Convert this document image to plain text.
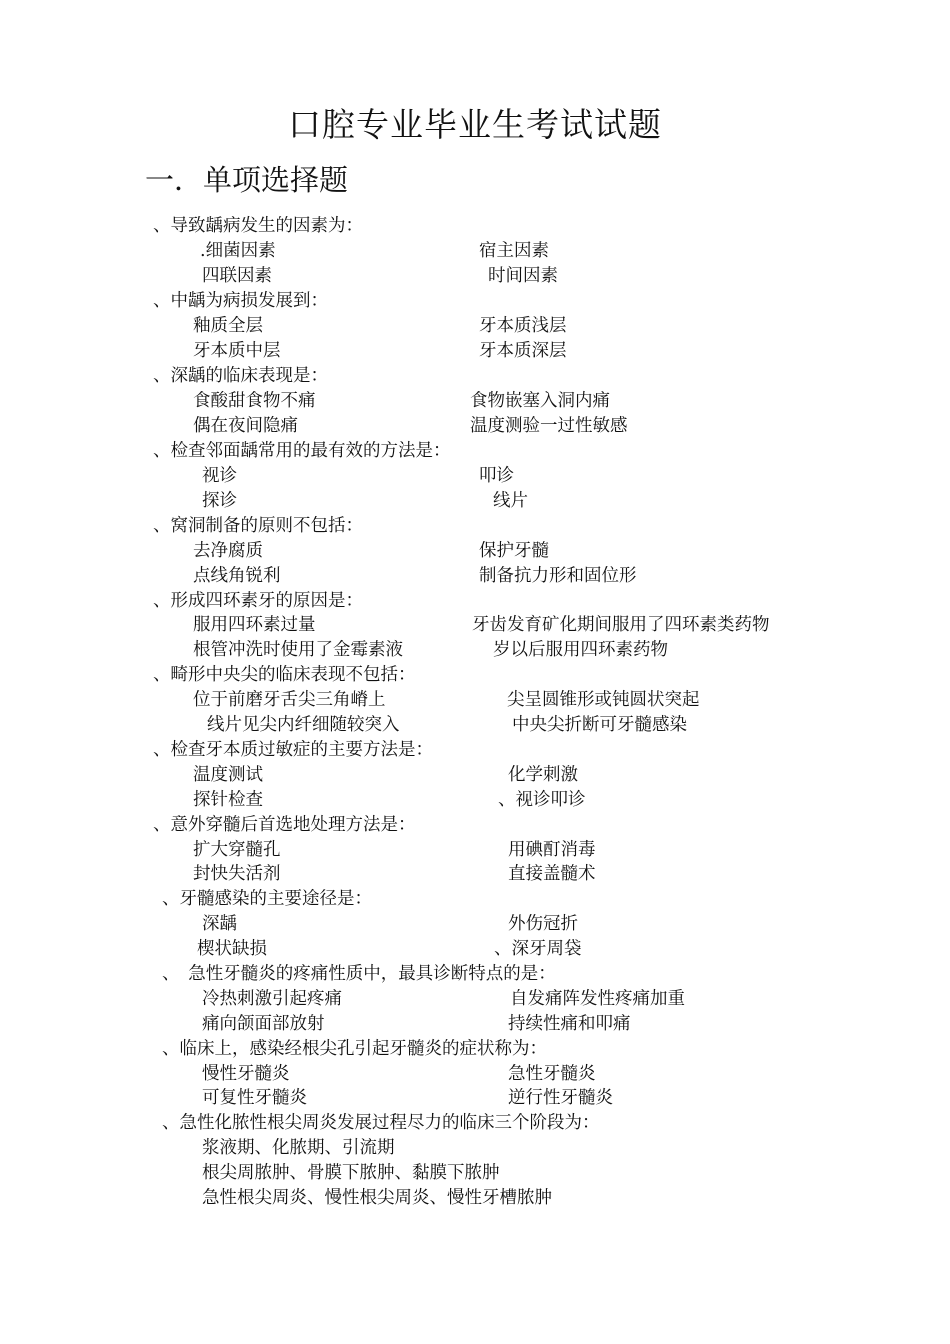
口腔专业毕业生考试试题
一．单项选择题
、导致龋病发生的因素为：
.细菌因素	宿主因素
四联因素	时间因素
、中龋为病损发展到：
釉质全层	牙本质浅层
牙本质中层	牙本质深层
、深龋的临床表现是：
食酸甜食物不痛	食物嵌塞入洞内痛
偶在夜间隐痛	温度测验一过性敏感
、检查邻面龋常用的最有效的方法是：
视诊	叩诊
探诊	线片
、窝洞制备的原则不包括：
去净腐质	保护牙髓
点线角锐利	制备抗力形和固位形
、形成四环素牙的原因是：
服用四环素过量	牙齿发育矿化期间服用了四环素类药物
根管冲洗时使用了金霉素液	岁以后服用四环素药物
、畸形中央尖的临床表现不包括：
位于前磨牙舌尖三角嵴上	尖呈圆锥形或钝圆状突起
线片见尖内纤细随较突入	中央尖折断可牙髓感染
、检查牙本质过敏症的主要方法是：
温度测试	化学刺激
探针检查	、视诊叩诊
、意外穿髓后首选地处理方法是：
扩大穿髓孔	用碘酊消毒
封快失活剂	直接盖髓术
、牙髓感染的主要途径是：
深龋	外伤冠折
楔状缺损	、深牙周袋
、　急性牙髓炎的疼痛性质中，最具诊断特点的是：
冷热刺激引起疼痛	自发痛阵发性疼痛加重
痛向颌面部放射	持续性痛和叩痛
、临床上，感染经根尖孔引起牙髓炎的症状称为：
慢性牙髓炎	急性牙髓炎
可复性牙髓炎	逆行性牙髓炎
、急性化脓性根尖周炎发展过程尽力的临床三个阶段为：
浆液期、化脓期、引流期
根尖周脓肿、骨膜下脓肿、黏膜下脓肿
急性根尖周炎、慢性根尖周炎、慢性牙槽脓肿
